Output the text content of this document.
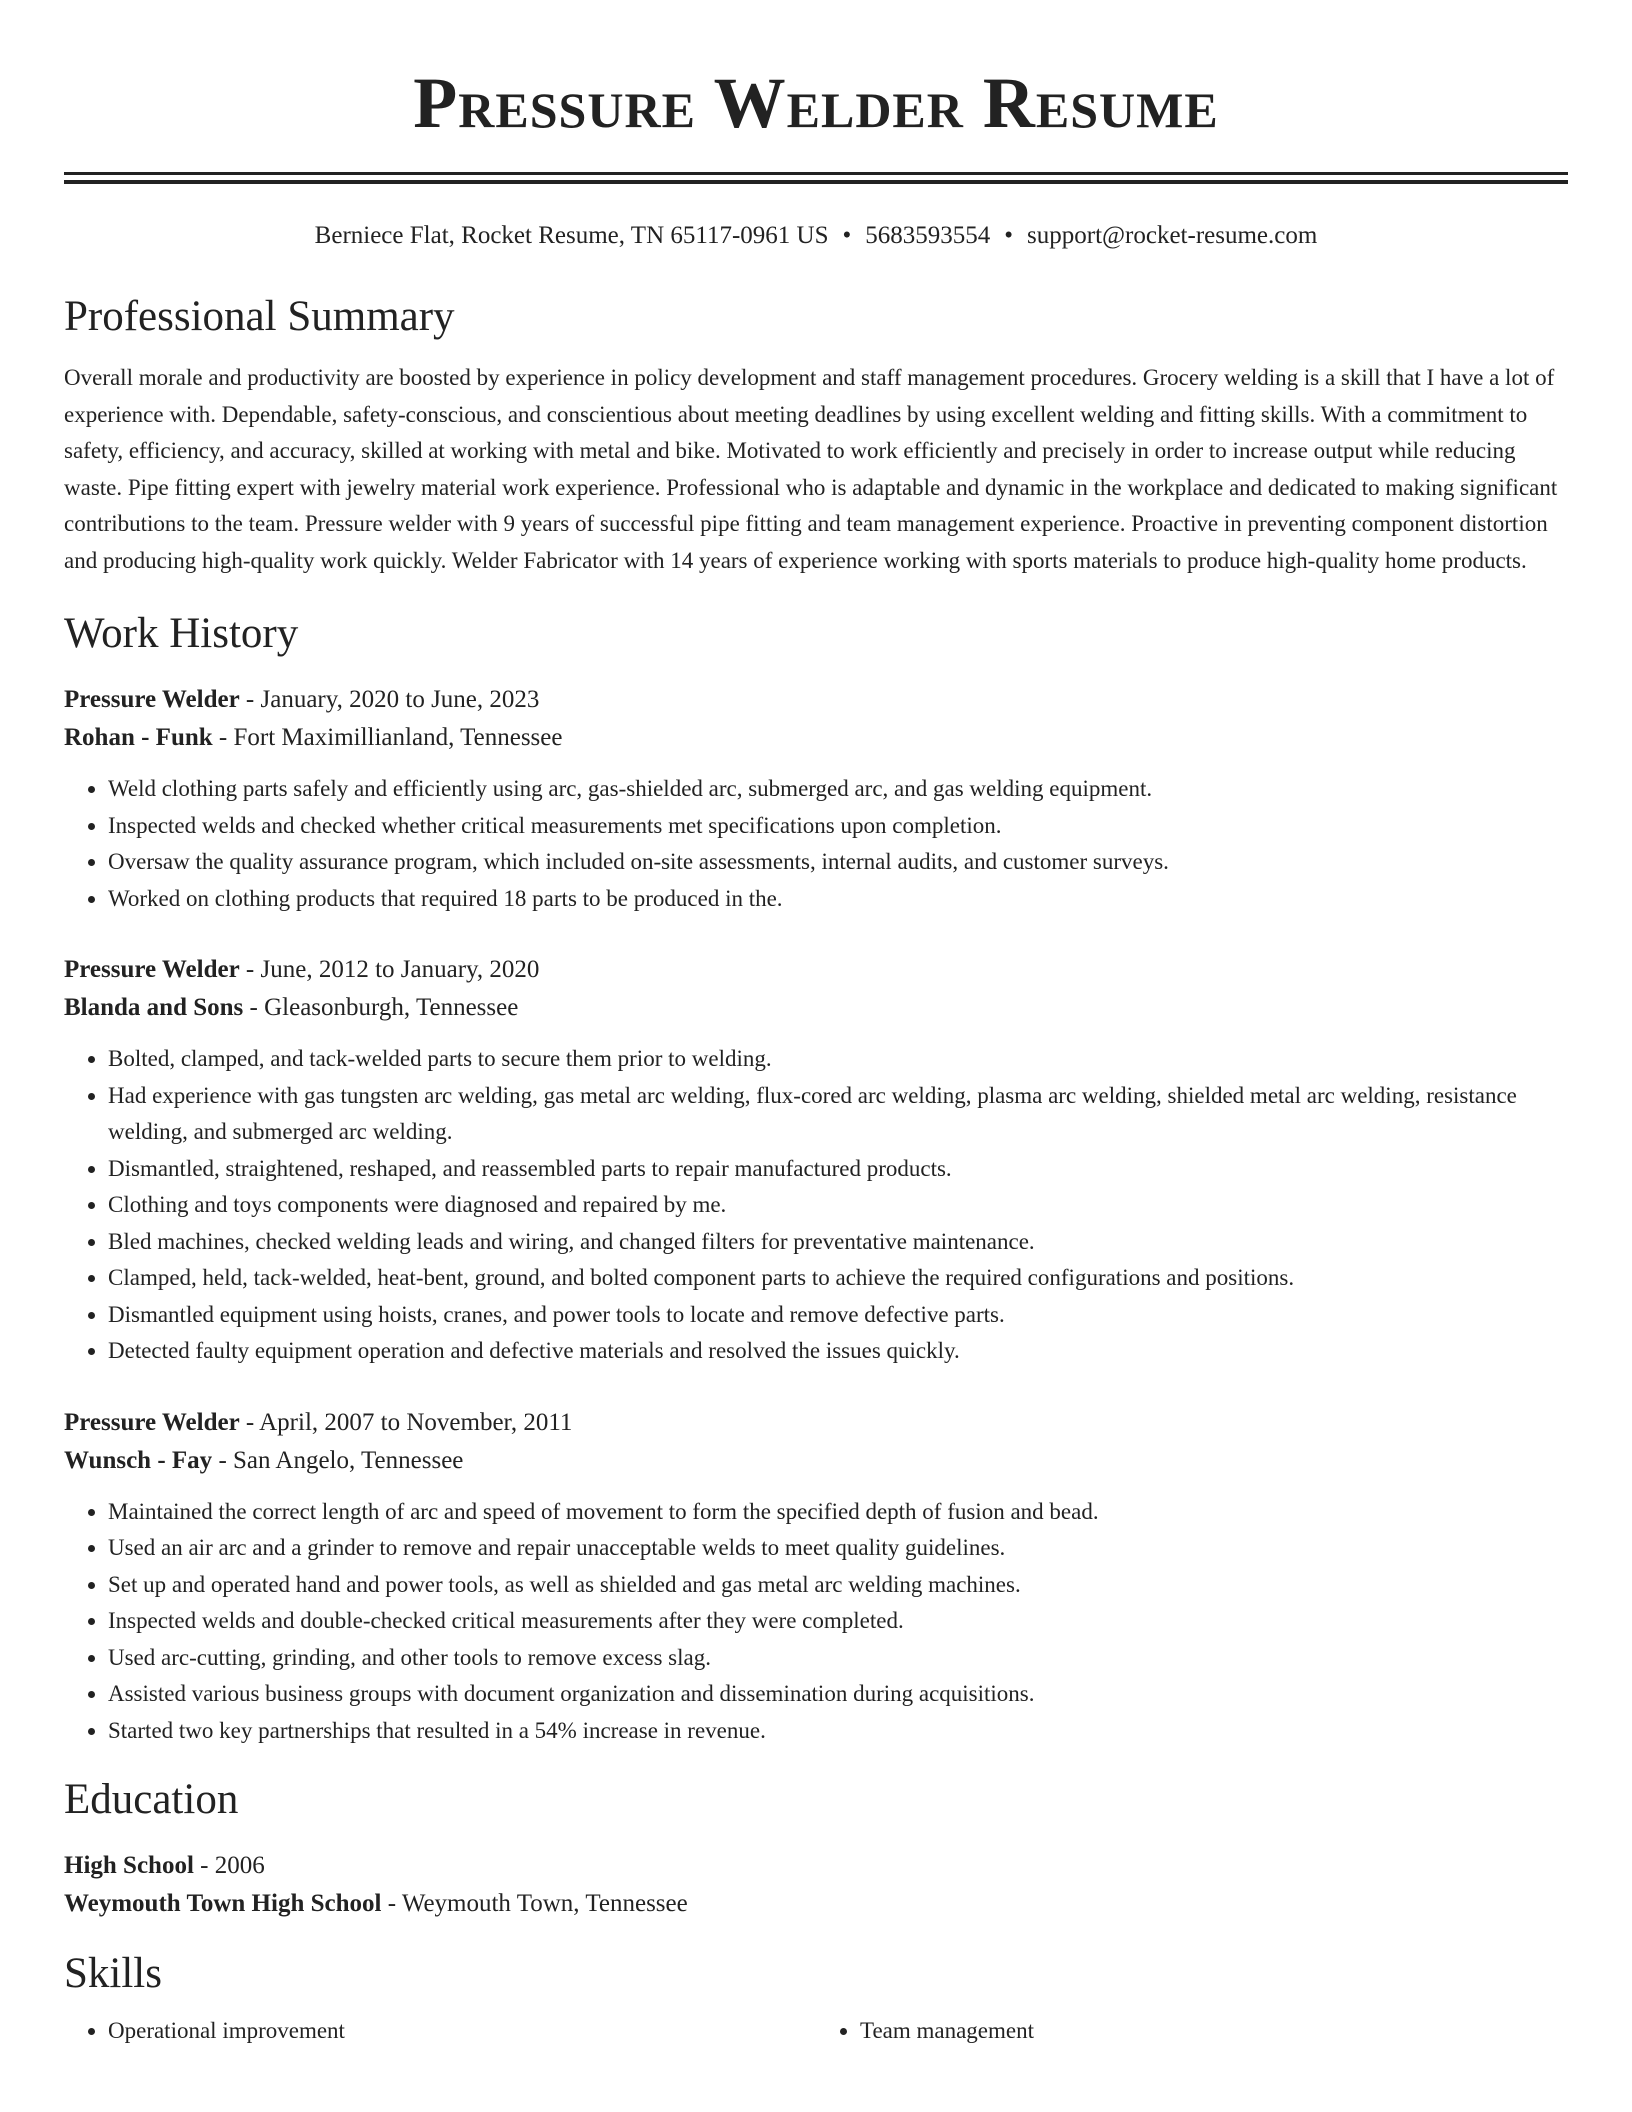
Pressure Welder Resume
Berniece Flat, Rocket Resume, TN 65117-0961 US • 5683593554 • support@rocket-resume.com
Professional Summary

Overall morale and productivity are boosted by experience in policy development and staff management procedures. Grocery welding is a skill that I have a lot of experience with. Dependable, safety-conscious, and conscientious about meeting deadlines by using excellent welding and fitting skills. With a commitment to safety, efficiency, and accuracy, skilled at working with metal and bike. Motivated to work efficiently and precisely in order to increase output while reducing waste. Pipe fitting expert with jewelry material work experience. Professional who is adaptable and dynamic in the workplace and dedicated to making significant contributions to the team. Pressure welder with 9 years of successful pipe fitting and team management experience. Proactive in preventing component distortion and producing high-quality work quickly. Welder Fabricator with 14 years of experience working with sports materials to produce high-quality home products.

Work History
Pressure Welder - January, 2020 to June, 2023
Rohan - Funk - Fort Maximillianland, Tennessee
• Weld clothing parts safely and efficiently using arc, gas-shielded arc, submerged arc, and gas welding equipment.
• Inspected welds and checked whether critical measurements met specifications upon completion.
• Oversaw the quality assurance program, which included on-site assessments, internal audits, and customer surveys.
• Worked on clothing products that required 18 parts to be produced in the.
Pressure Welder - June, 2012 to January, 2020
Blanda and Sons - Gleasonburgh, Tennessee
• Bolted, clamped, and tack-welded parts to secure them prior to welding.
• Had experience with gas tungsten arc welding, gas metal arc welding, flux-cored arc welding, plasma arc welding, shielded metal arc welding, resistance welding, and submerged arc welding.
• Dismantled, straightened, reshaped, and reassembled parts to repair manufactured products.
• Clothing and toys components were diagnosed and repaired by me.
• Bled machines, checked welding leads and wiring, and changed filters for preventative maintenance.
• Clamped, held, tack-welded, heat-bent, ground, and bolted component parts to achieve the required configurations and positions.
• Dismantled equipment using hoists, cranes, and power tools to locate and remove defective parts.
• Detected faulty equipment operation and defective materials and resolved the issues quickly.
Pressure Welder - April, 2007 to November, 2011
Wunsch - Fay - San Angelo, Tennessee
• Maintained the correct length of arc and speed of movement to form the specified depth of fusion and bead.
• Used an air arc and a grinder to remove and repair unacceptable welds to meet quality guidelines.
• Set up and operated hand and power tools, as well as shielded and gas metal arc welding machines.
• Inspected welds and double-checked critical measurements after they were completed.
• Used arc-cutting, grinding, and other tools to remove excess slag.
• Assisted various business groups with document organization and dissemination during acquisitions.
• Started two key partnerships that resulted in a 54% increase in revenue.
Education
High School - 2006
Weymouth Town High School - Weymouth Town, Tennessee
Skills
• Operational improvement
•	Team management
